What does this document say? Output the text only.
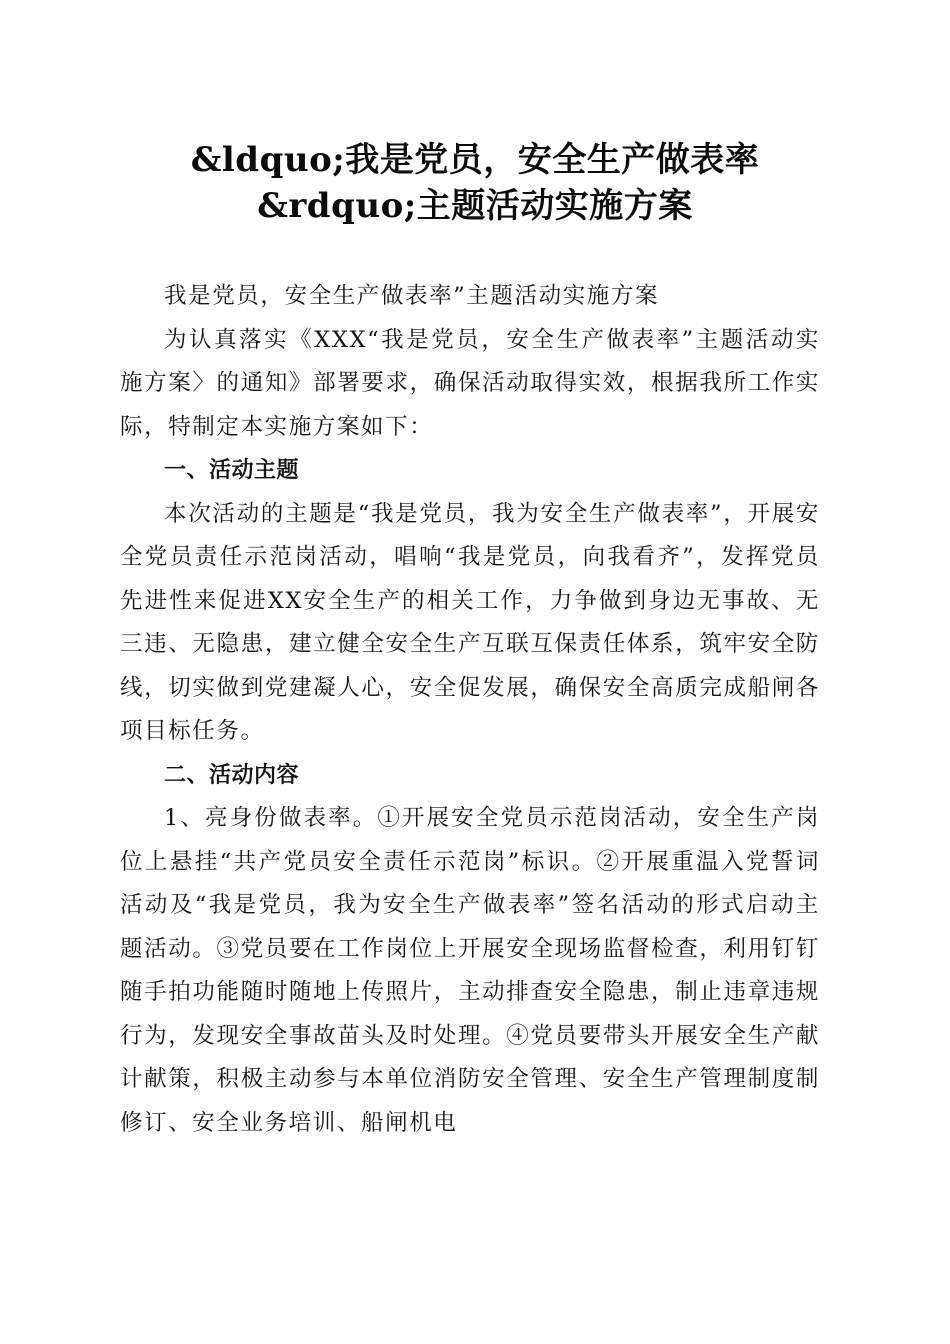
&ldquo;我是党员，安全生产做表率
&rdquo;主题活动实施方案

我是党员，安全生产做表率”主题活动实施方案

为认真落实《XXX“我是党员，安全生产做表率”主题活动实施方案〉的通知》部署要求，确保活动取得实效，根据我所工作实际，特制定本实施方案如下：

一、活动主题

本次活动的主题是“我是党员，我为安全生产做表率”，开展安全党员责任示范岗活动，唱响“我是党员，向我看齐”，发挥党员先进性来促进XX安全生产的相关工作，力争做到身边无事故、无三违、无隐患，建立健全安全生产互联互保责任体系，筑牢安全防线，切实做到党建凝人心，安全促发展，确保安全高质完成船闸各项目标任务。

二、活动内容

1、亮身份做表率。①开展安全党员示范岗活动，安全生产岗位上悬挂“共产党员安全责任示范岗”标识。②开展重温入党誓词活动及“我是党员，我为安全生产做表率”签名活动的形式启动主题活动。③党员要在工作岗位上开展安全现场监督检查，利用钉钉随手拍功能随时随地上传照片，主动排查安全隐患，制止违章违规行为，发现安全事故苗头及时处理。④党员要带头开展安全生产献计献策，积极主动参与本单位消防安全管理、安全生产管理制度制修订、安全业务培训、船闸机电
